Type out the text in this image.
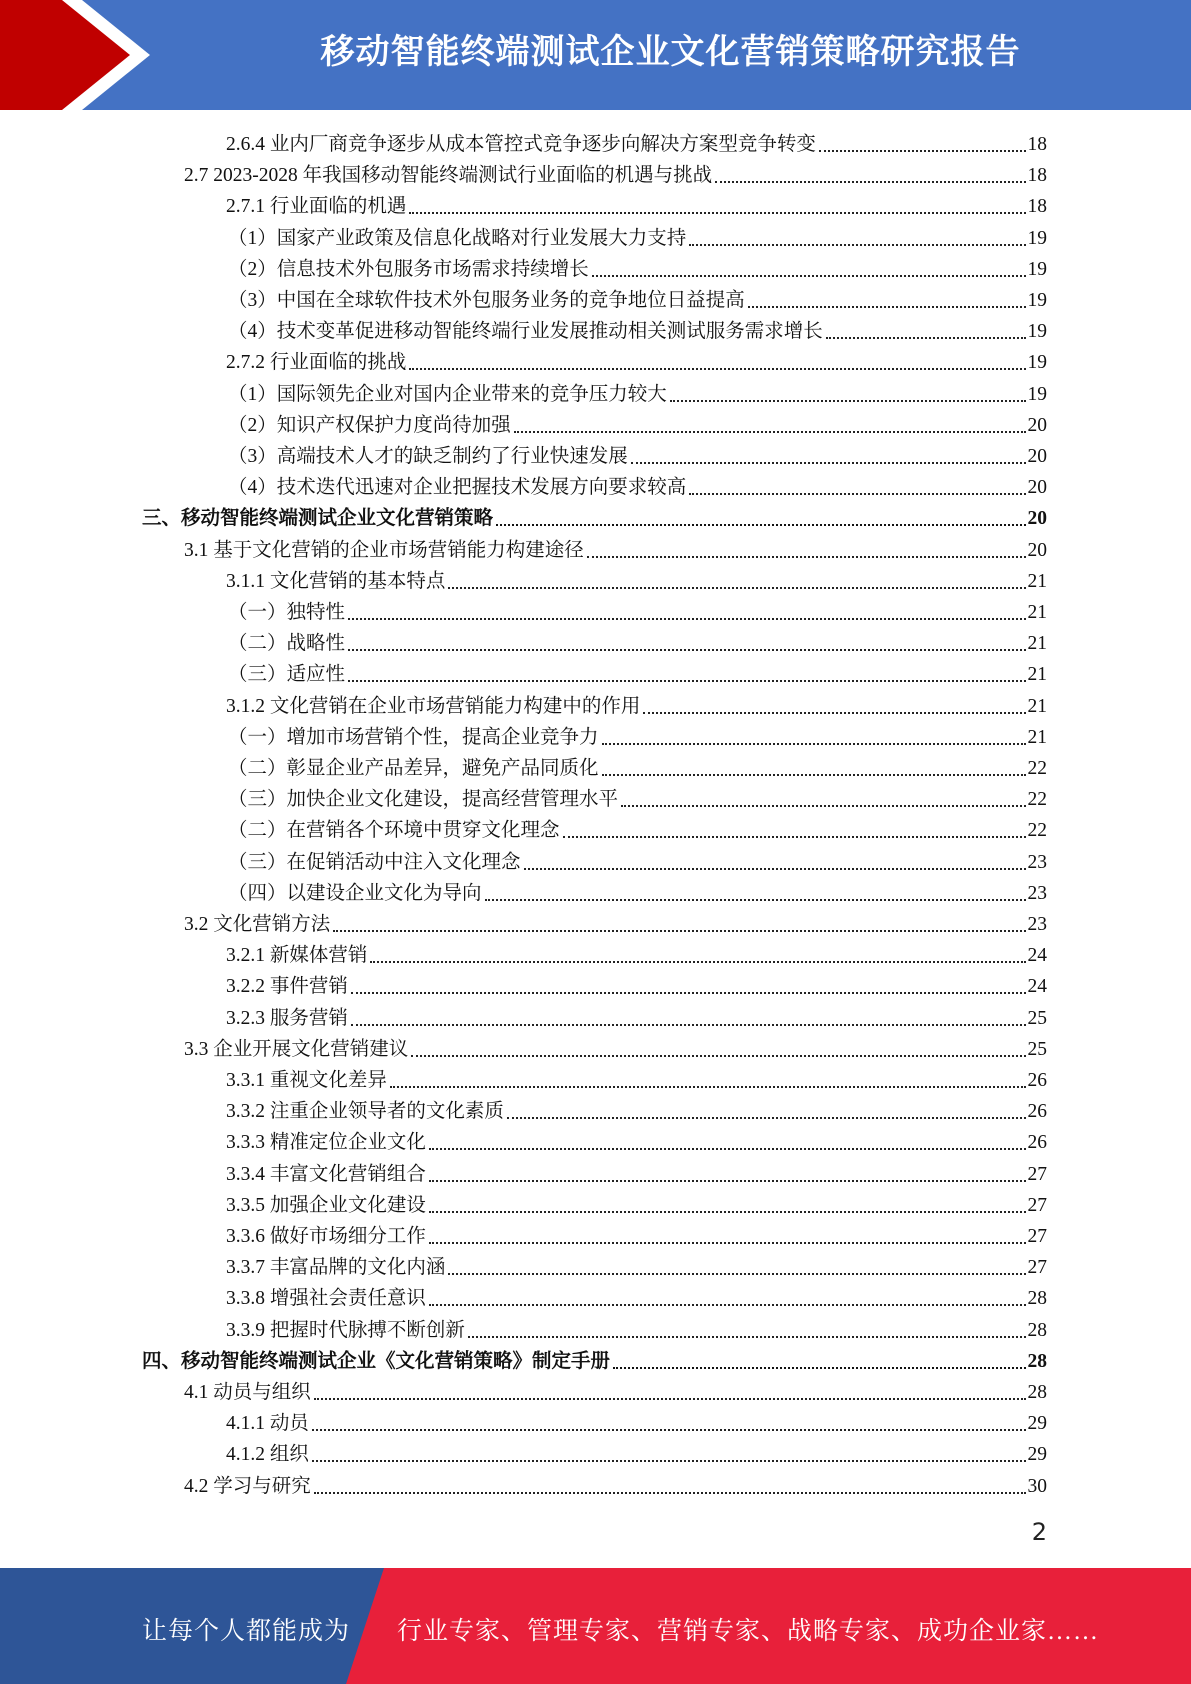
移动智能终端测试企业文化营销策略研究报告
2.6.4 业内厂商竞争逐步从成本管控式竞争逐步向解决方案型竞争转变	18
2.7 2023-2028 年我国移动智能终端测试行业面临的机遇与挑战	18
2.7.1 行业面临的机遇	18
（1）国家产业政策及信息化战略对行业发展大力支持	19
（2）信息技术外包服务市场需求持续增长	19
（3）中国在全球软件技术外包服务业务的竞争地位日益提高	19
（4）技术变革促进移动智能终端行业发展推动相关测试服务需求增长	19
2.7.2 行业面临的挑战	19
（1）国际领先企业对国内企业带来的竞争压力较大	19
（2）知识产权保护力度尚待加强	20
（3）高端技术人才的缺乏制约了行业快速发展	20
（4）技术迭代迅速对企业把握技术发展方向要求较高	20
三、移动智能终端测试企业文化营销策略	20
3.1 基于文化营销的企业市场营销能力构建途径	20
3.1.1 文化营销的基本特点	21
（一）独特性	21
（二）战略性	21
（三）适应性	21
3.1.2 文化营销在企业市场营销能力构建中的作用	21
（一）增加市场营销个性，提高企业竞争力	21
（二）彰显企业产品差异，避免产品同质化	22
（三）加快企业文化建设，提高经营管理水平	22
（二）在营销各个环境中贯穿文化理念	22
（三）在促销活动中注入文化理念	23
（四）以建设企业文化为导向	23
3.2 文化营销方法	23
3.2.1 新媒体营销	24
3.2.2 事件营销	24
3.2.3 服务营销	25
3.3 企业开展文化营销建议	25
3.3.1 重视文化差异	26
3.3.2 注重企业领导者的文化素质	26
3.3.3 精准定位企业文化	26
3.3.4 丰富文化营销组合	27
3.3.5 加强企业文化建设	27
3.3.6 做好市场细分工作	27
3.3.7 丰富品牌的文化内涵	27
3.3.8 增强社会责任意识	28
3.3.9 把握时代脉搏不断创新	28
四、移动智能终端测试企业《文化营销策略》制定手册	28
4.1 动员与组织	28
4.1.1 动员	29
4.1.2 组织	29
4.2 学习与研究	30
2
让每个人都能成为 行业专家、管理专家、营销专家、战略专家、成功企业家……
